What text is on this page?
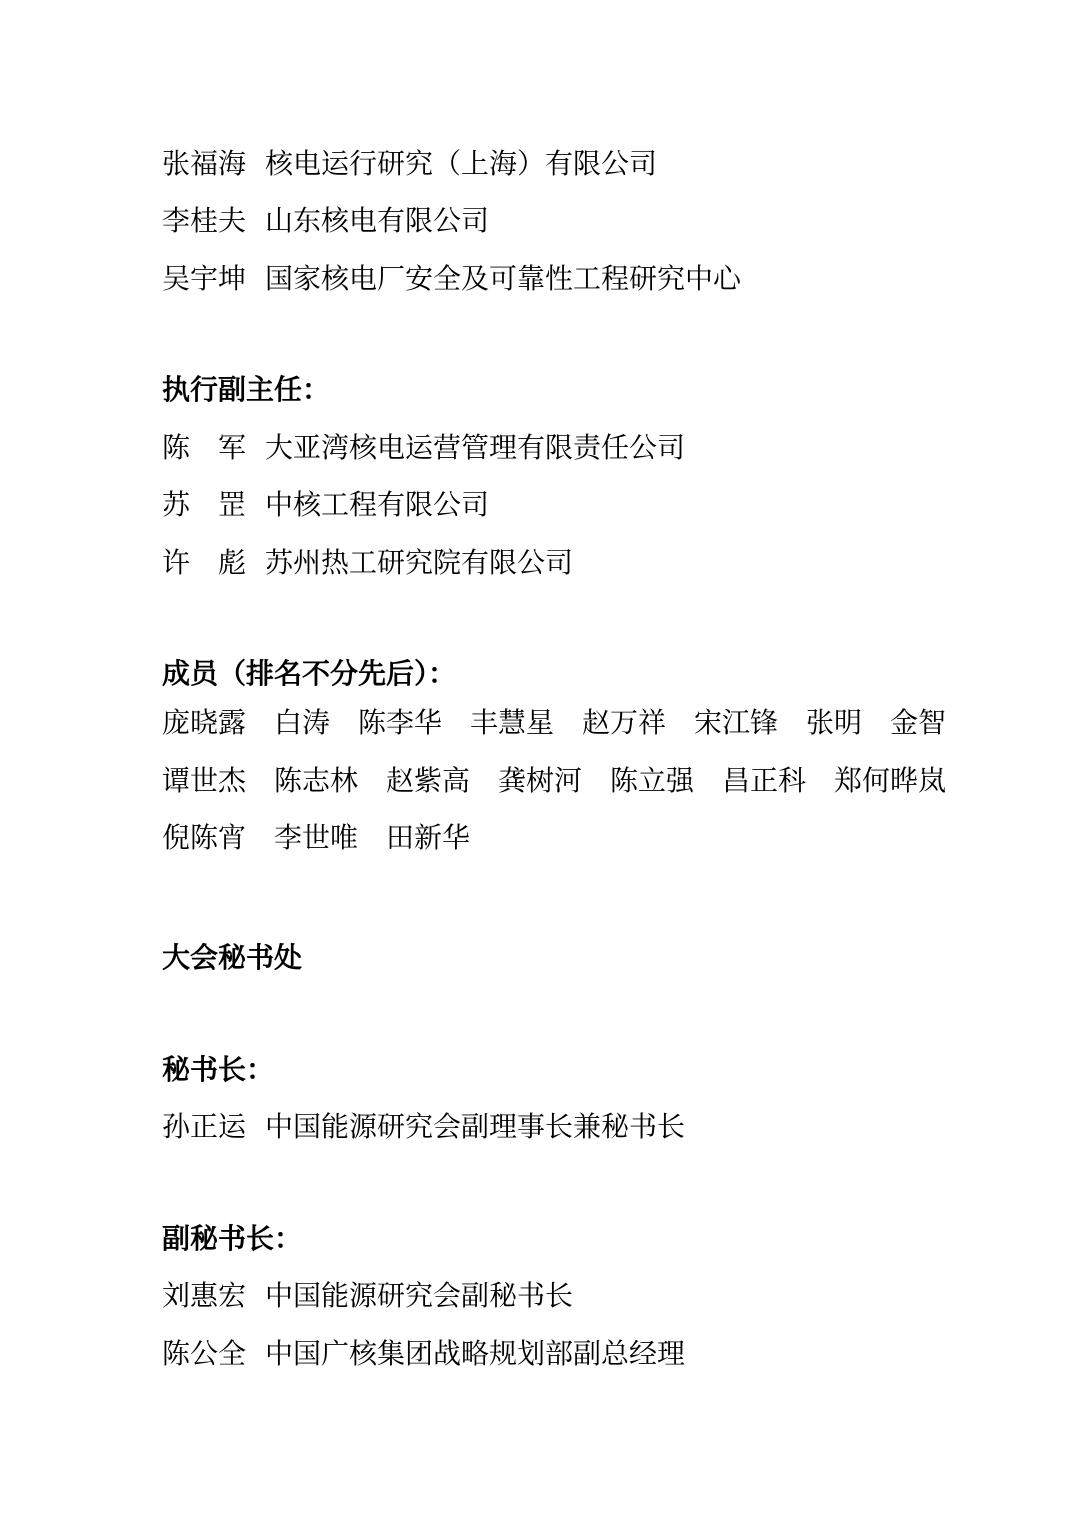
张福海 核电运行研究（上海）有限公司
李桂夫 山东核电有限公司
吴宇坤 国家核电厂安全及可靠性工程研究中心
执行副主任：
陈　军 大亚湾核电运营管理有限责任公司
苏　罡 中核工程有限公司
许　彪 苏州热工研究院有限公司
成员（排名不分先后）：
庞晓露 白涛 陈李华 丰慧星 赵万祥 宋江锋 张明 金智 谭世杰 陈志林 赵紫高 龚树河 陈立强 昌正科 郑何晔岚 倪陈宵 李世唯 田新华
大会秘书处
秘书长：
孙正运 中国能源研究会副理事长兼秘书长
副秘书长：
刘惠宏 中国能源研究会副秘书长
陈公全 中国广核集团战略规划部副总经理
